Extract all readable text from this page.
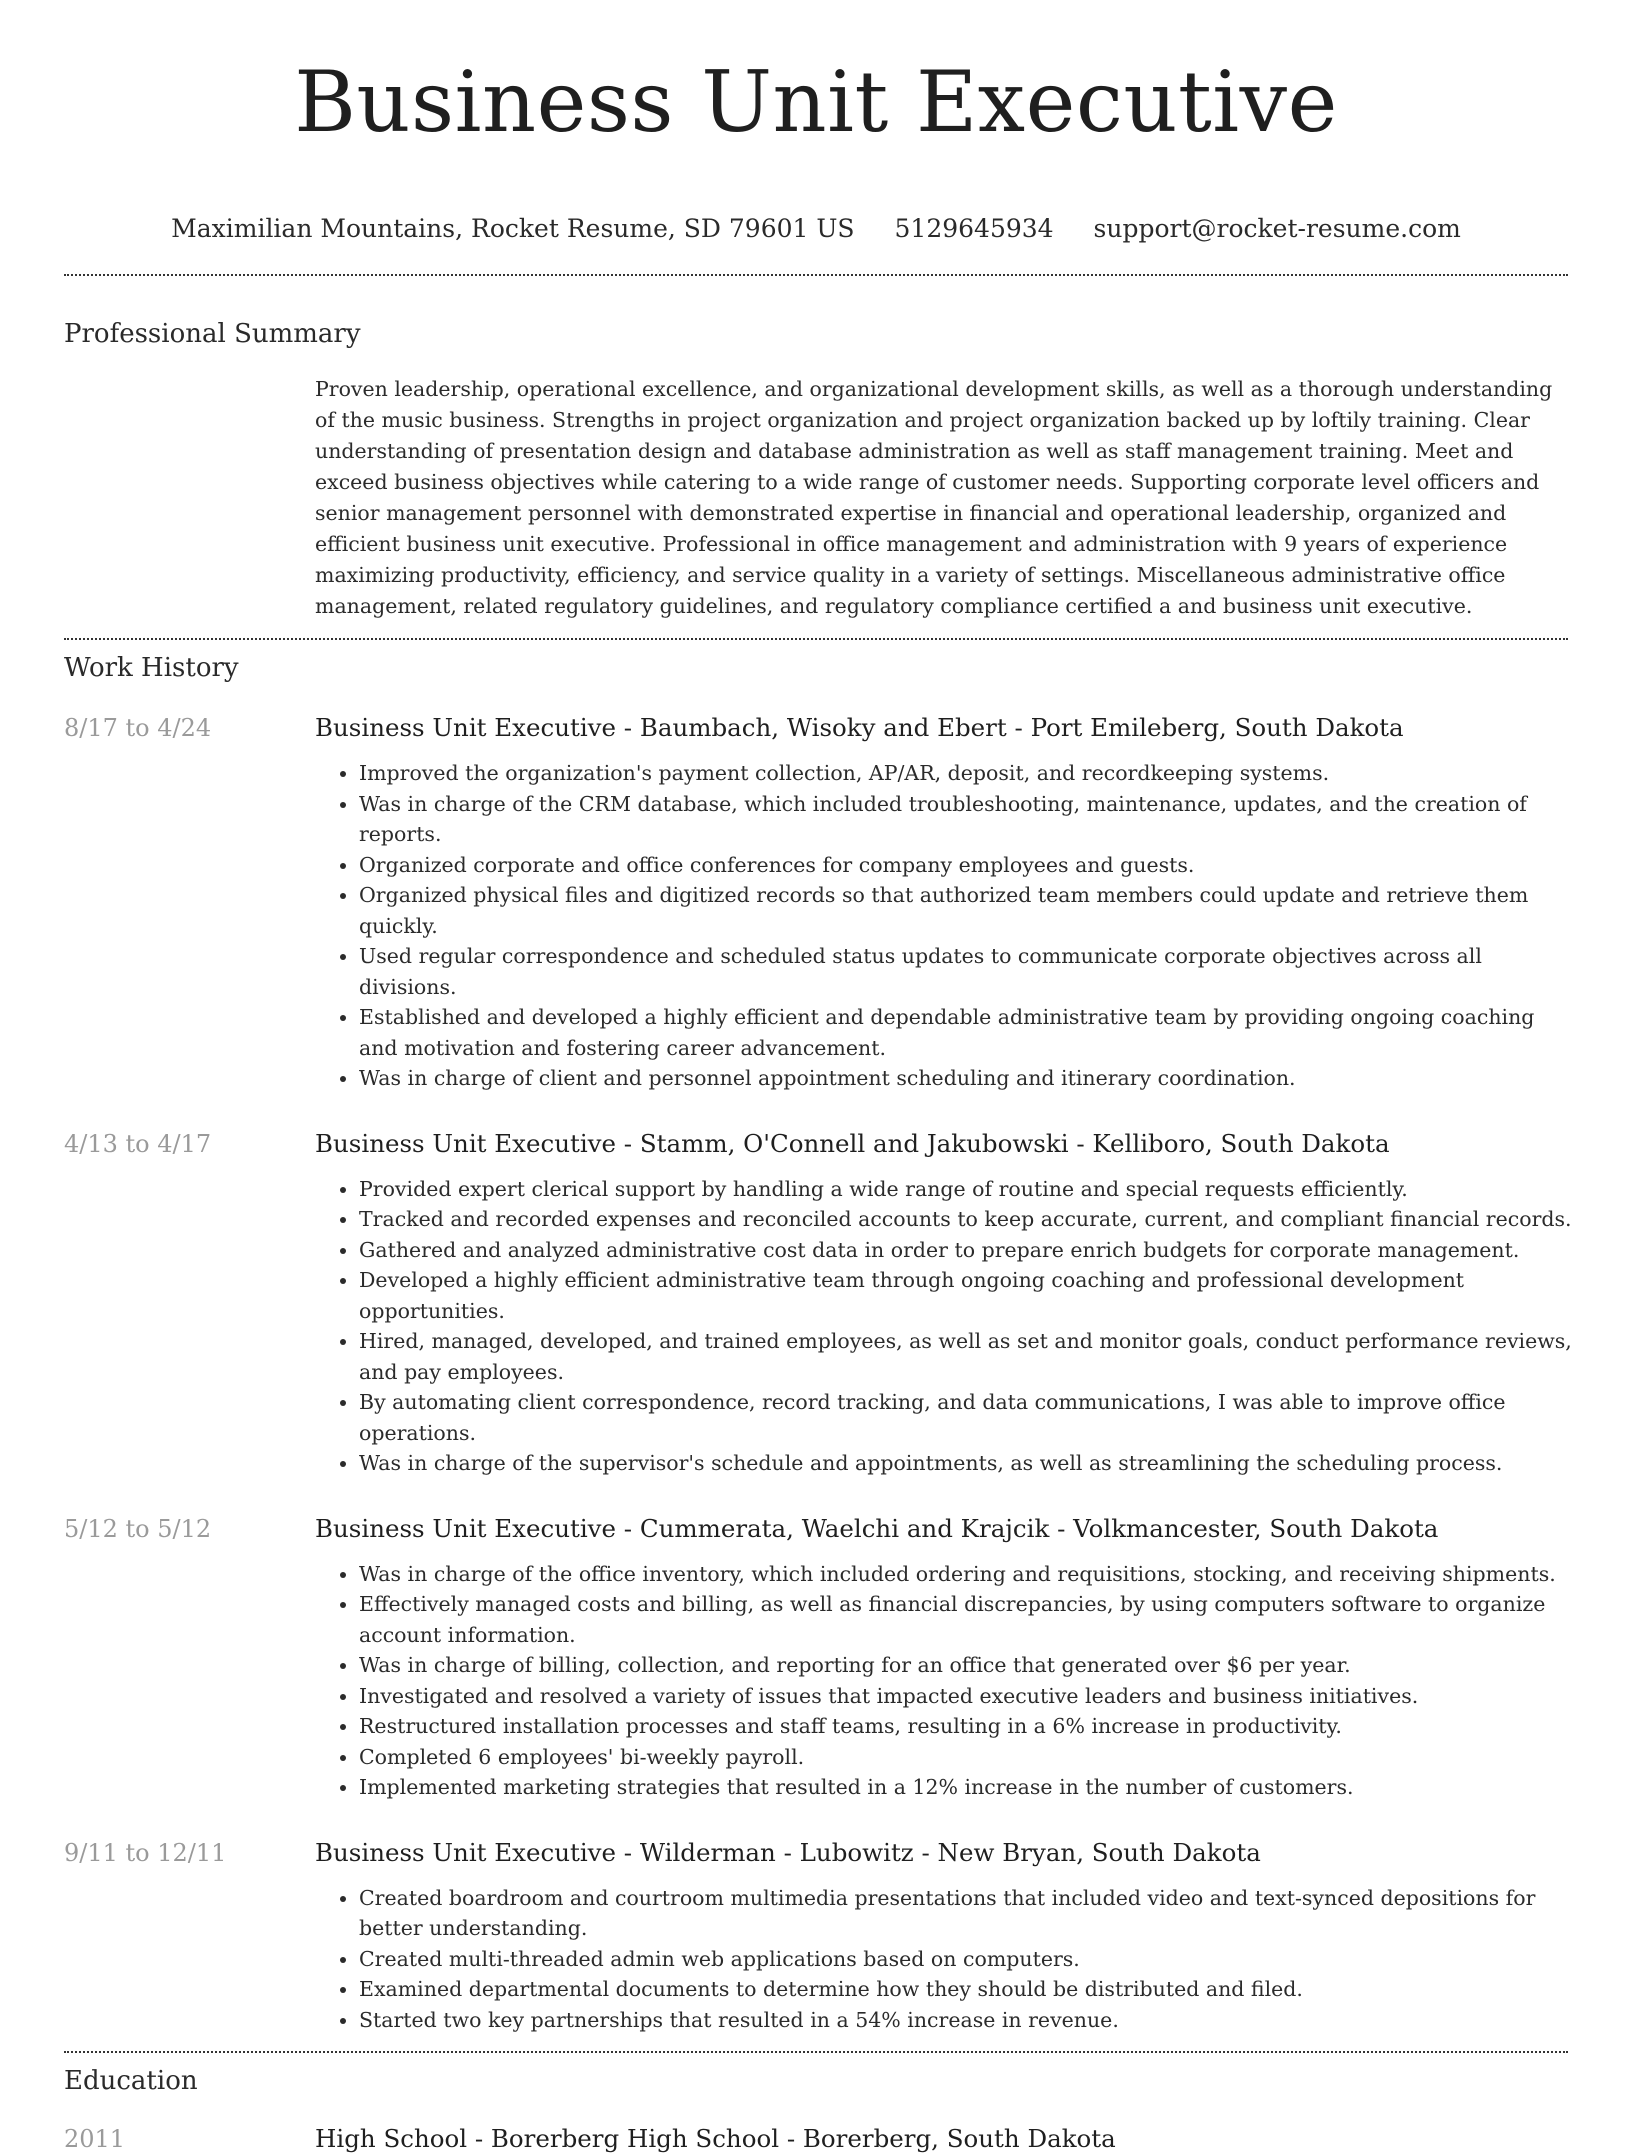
Business Unit Executive
Maximilian Mountains, Rocket Resume, SD 79601 US 5129645934 support@rocket-resume.com
Professional Summary

Proven leadership, operational excellence, and organizational development skills, as well as a thorough understanding of the music business. Strengths in project organization and project organization backed up by loftily training. Clear understanding of presentation design and database administration as well as staff management training. Meet and exceed business objectives while catering to a wide range of customer needs. Supporting corporate level officers and senior management personnel with demonstrated expertise in financial and operational leadership, organized and efficient business unit executive. Professional in office management and administration with 9 years of experience maximizing productivity, efficiency, and service quality in a variety of settings. Miscellaneous administrative office management, related regulatory guidelines, and regulatory compliance certified a and business unit executive.

Work History
8/17 to 4/24	Business Unit Executive - Baumbach, Wisoky and Ebert - Port Emileberg, South Dakota
• Improved the organization's payment collection, AP/AR, deposit, and recordkeeping systems.
• Was in charge of the CRM database, which included troubleshooting, maintenance, updates, and the creation of reports.
• Organized corporate and office conferences for company employees and guests.
• Organized physical files and digitized records so that authorized team members could update and retrieve them quickly.
• Used regular correspondence and scheduled status updates to communicate corporate objectives across all divisions.
• Established and developed a highly efficient and dependable administrative team by providing ongoing coaching and motivation and fostering career advancement.
• Was in charge of client and personnel appointment scheduling and itinerary coordination.
4/13 to 4/17	Business Unit Executive - Stamm, O'Connell and Jakubowski - Kelliboro, South Dakota
• Provided expert clerical support by handling a wide range of routine and special requests efficiently.
• Tracked and recorded expenses and reconciled accounts to keep accurate, current, and compliant financial records.
• Gathered and analyzed administrative cost data in order to prepare enrich budgets for corporate management.
• Developed a highly efficient administrative team through ongoing coaching and professional development opportunities.
• Hired, managed, developed, and trained employees, as well as set and monitor goals, conduct performance reviews, and pay employees.
• By automating client correspondence, record tracking, and data communications, I was able to improve office operations.
• Was in charge of the supervisor's schedule and appointments, as well as streamlining the scheduling process.
5/12 to 5/12	Business Unit Executive - Cummerata, Waelchi and Krajcik - Volkmancester, South Dakota
• Was in charge of the office inventory, which included ordering and requisitions, stocking, and receiving shipments.
• Effectively managed costs and billing, as well as financial discrepancies, by using computers software to organize account information.
• Was in charge of billing, collection, and reporting for an office that generated over $6 per year.
• Investigated and resolved a variety of issues that impacted executive leaders and business initiatives.
• Restructured installation processes and staff teams, resulting in a 6% increase in productivity.
• Completed 6 employees' bi-weekly payroll.
• Implemented marketing strategies that resulted in a 12% increase in the number of customers.
9/11 to 12/11	Business Unit Executive - Wilderman - Lubowitz - New Bryan, South Dakota
• Created boardroom and courtroom multimedia presentations that included video and text-synced depositions for better understanding.
• Created multi-threaded admin web applications based on computers.
• Examined departmental documents to determine how they should be distributed and filed.
• Started two key partnerships that resulted in a 54% increase in revenue.
Education
2011	High School - Borerberg High School - Borerberg, South Dakota
